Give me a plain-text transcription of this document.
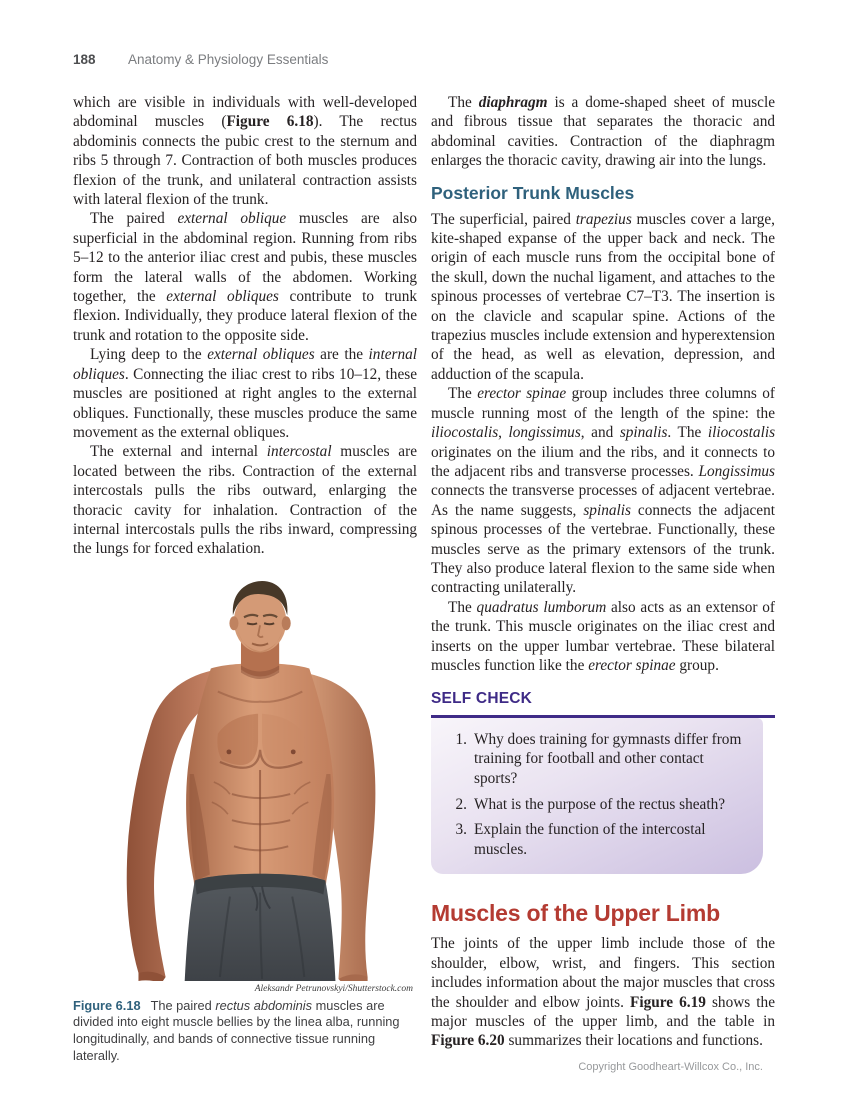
188	Anatomy & Physiology Essentials

which are visible in individuals with well-developed abdominal muscles (Figure 6.18). The rectus abdominis connects the pubic crest to the sternum and ribs 5 through 7. Contraction of both muscles produces flexion of the trunk, and unilateral contraction assists with lateral flexion of the trunk.

The paired external oblique muscles are also superficial in the abdominal region. Running from ribs 5–12 to the anterior iliac crest and pubis, these muscles form the lateral walls of the abdomen. Working together, the external obliques contribute to trunk flexion. Individually, they produce lateral flexion of the trunk and rotation to the opposite side.

Lying deep to the external obliques are the internal obliques. Connecting the iliac crest to ribs 10–12, these muscles are positioned at right angles to the external obliques. Functionally, these muscles produce the same movement as the external obliques.

The external and internal intercostal muscles are located between the ribs. Contraction of the external intercostals pulls the ribs outward, enlarging the thoracic cavity for inhalation. Contraction of the internal intercostals pulls the ribs inward, compressing the lungs for forced exhalation.

Aleksandr Petrunovskyi/Shutterstock.com
Figure 6.18 The paired rectus abdominis muscles are divided into eight muscle bellies by the linea alba, running longitudinally, and bands of connective tissue running laterally.

The diaphragm is a dome-shaped sheet of muscle and fibrous tissue that separates the thoracic and abdominal cavities. Contraction of the diaphragm enlarges the thoracic cavity, drawing air into the lungs.

Posterior Trunk Muscles

The superficial, paired trapezius muscles cover a large, kite-shaped expanse of the upper back and neck. The origin of each muscle runs from the occipital bone of the skull, down the nuchal ligament, and attaches to the spinous processes of vertebrae C7–T3. The insertion is on the clavicle and scapular spine. Actions of the trapezius muscles include extension and hyperextension of the head, as well as elevation, depression, and adduction of the scapula.

The erector spinae group includes three columns of muscle running most of the length of the spine: the iliocostalis, longissimus, and spinalis. The iliocostalis originates on the ilium and the ribs, and it connects to the adjacent ribs and transverse processes. Longissimus connects the transverse processes of adjacent vertebrae. As the name suggests, spinalis connects the adjacent spinous processes of the vertebrae. Functionally, these muscles serve as the primary extensors of the trunk. They also produce lateral flexion to the same side when contracting unilaterally.

The quadratus lumborum also acts as an extensor of the trunk. This muscle originates on the iliac crest and inserts on the upper lumbar vertebrae. These bilateral muscles function like the erector spinae group.

SELF CHECK
1. Why does training for gymnasts differ from training for football and other contact sports?
2. What is the purpose of the rectus sheath?
3. Explain the function of the intercostal muscles.
Muscles of the Upper Limb

The joints of the upper limb include those of the shoulder, elbow, wrist, and fingers. This section includes information about the major muscles that cross the shoulder and elbow joints. Figure 6.19 shows the major muscles of the upper limb, and the table in Figure 6.20 summarizes their locations and functions.

Copyright Goodheart-Willcox Co., Inc.
